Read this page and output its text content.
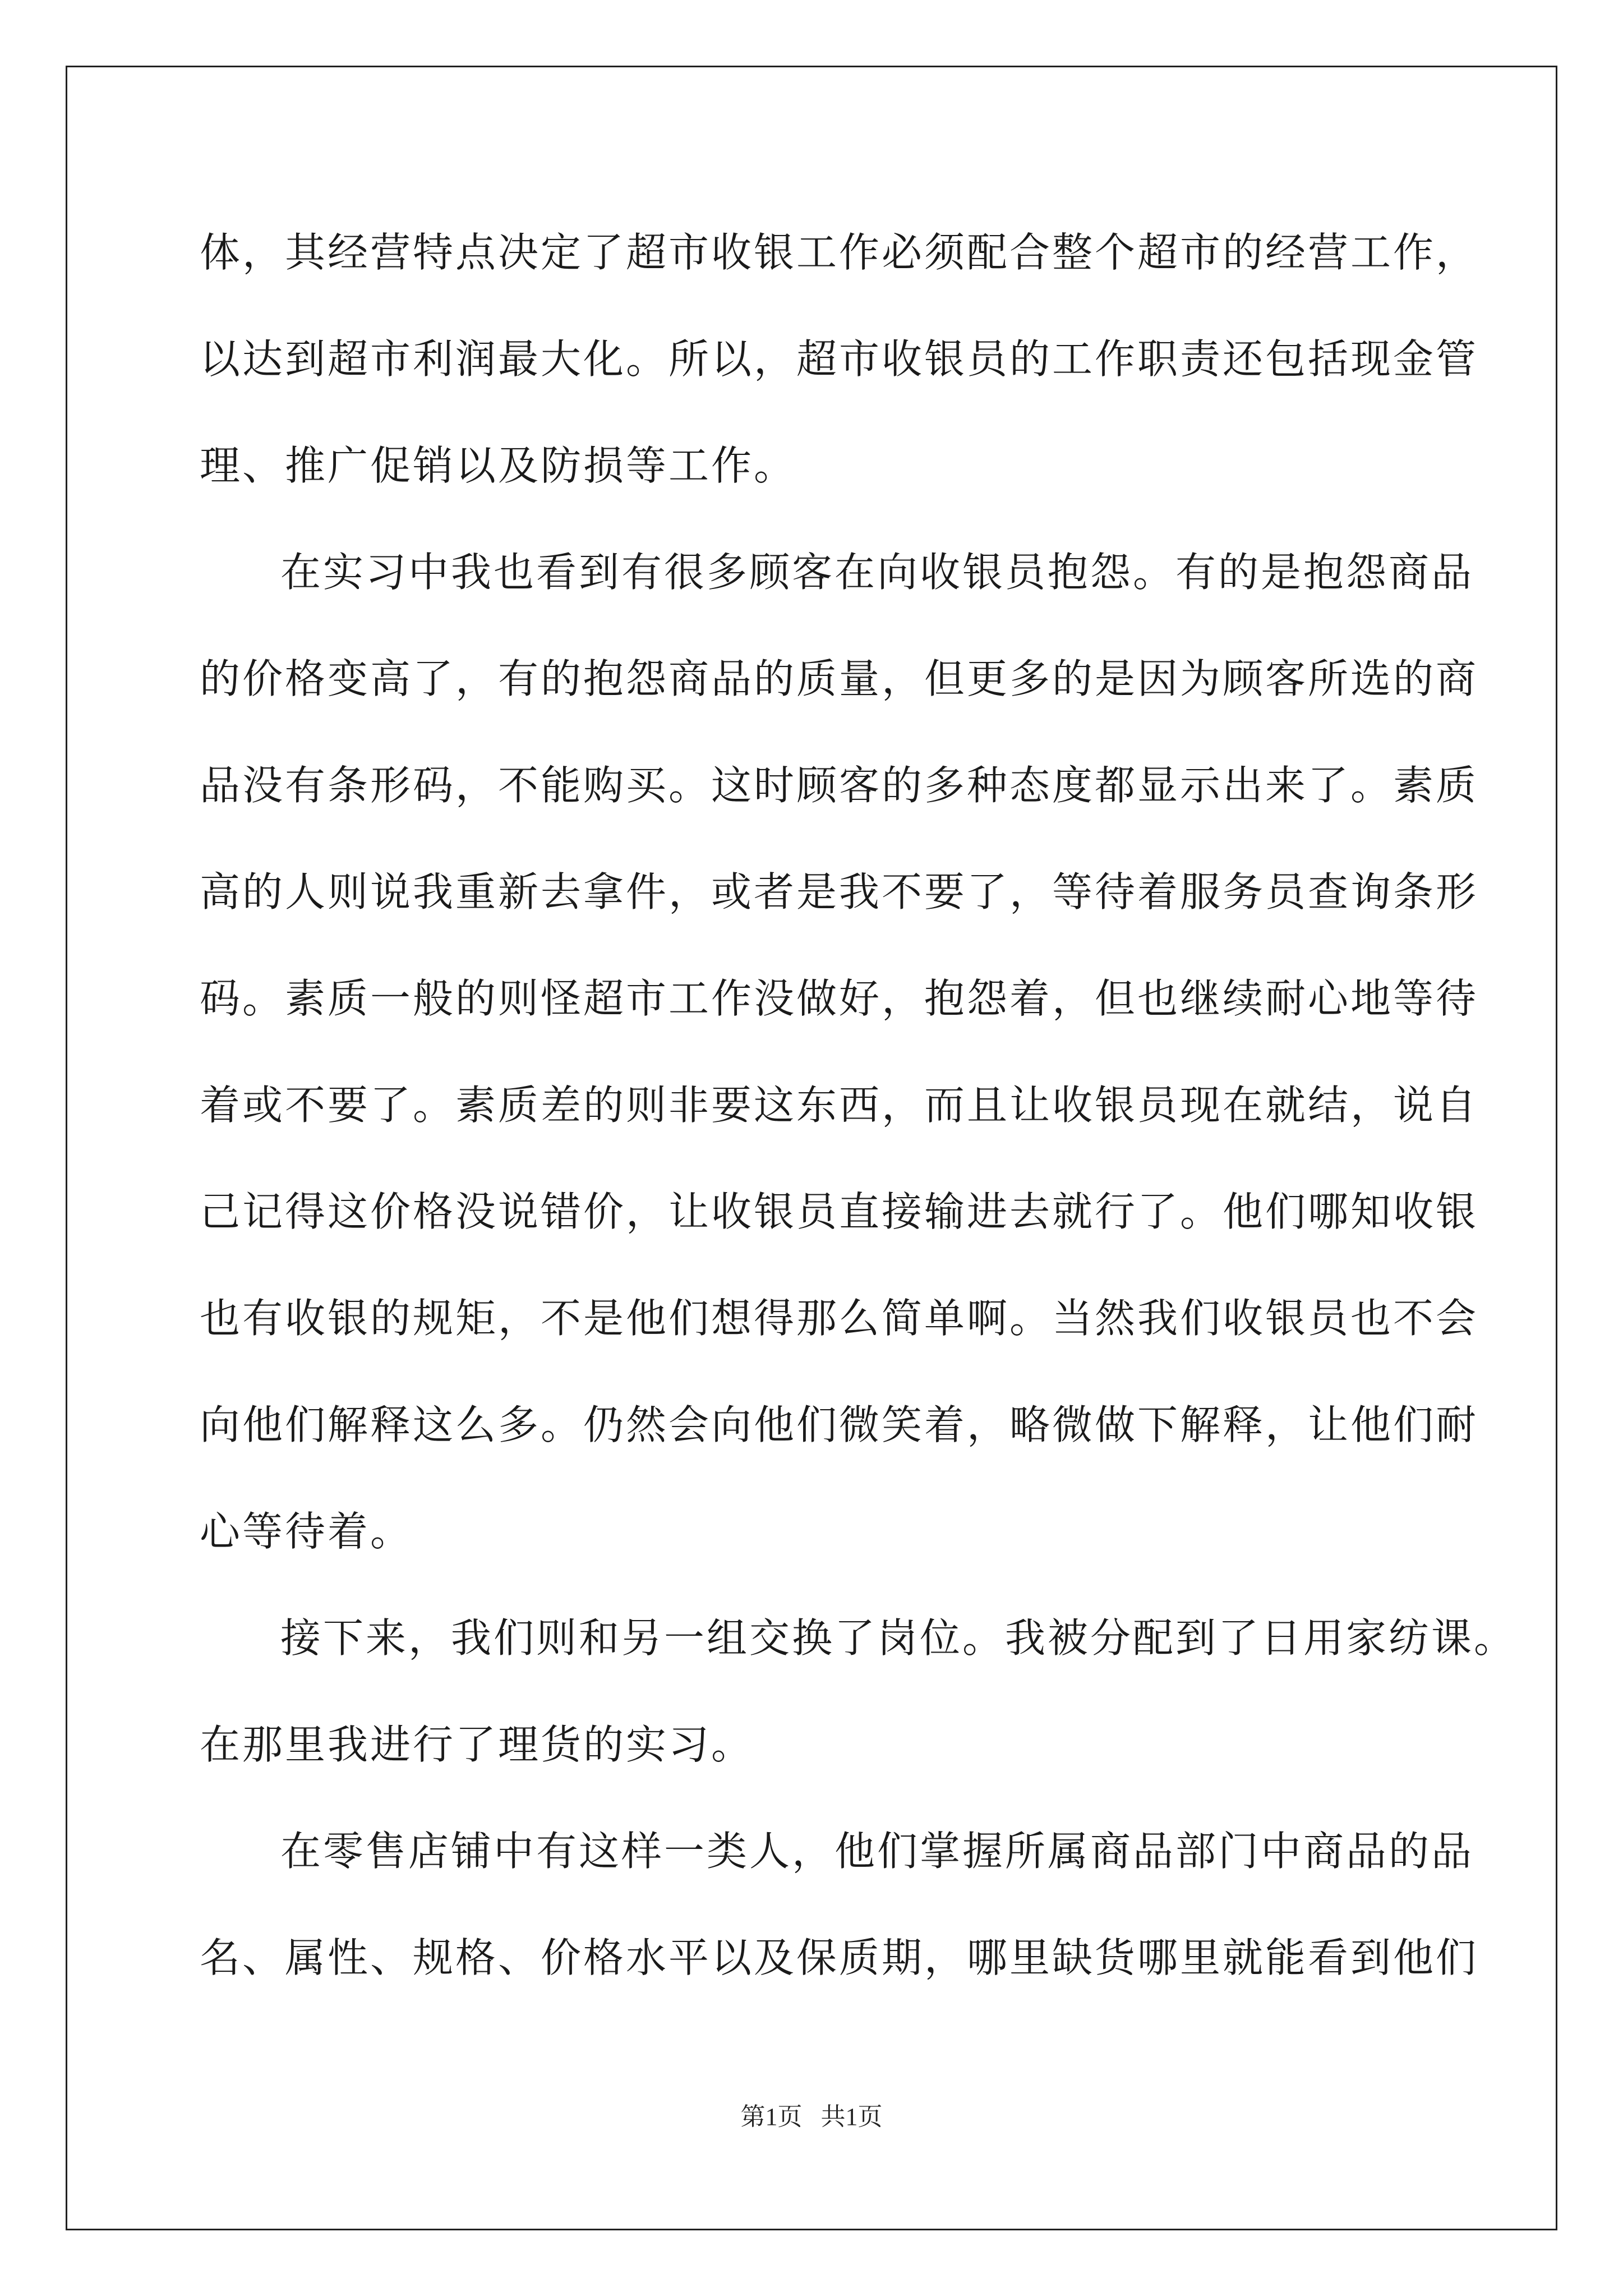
体，其经营特点决定了超市收银工作必须配合整个超市的经营工作，
以达到超市利润最大化。所以，超市收银员的工作职责还包括现金管
理、推广促销以及防损等工作。
在实习中我也看到有很多顾客在向收银员抱怨。有的是抱怨商品
的价格变高了，有的抱怨商品的质量，但更多的是因为顾客所选的商
品没有条形码，不能购买。这时顾客的多种态度都显示出来了。素质
高的人则说我重新去拿件，或者是我不要了，等待着服务员查询条形
码。素质一般的则怪超市工作没做好，抱怨着，但也继续耐心地等待
着或不要了。素质差的则非要这东西，而且让收银员现在就结，说自
己记得这价格没说错价，让收银员直接输进去就行了。他们哪知收银
也有收银的规矩，不是他们想得那么简单啊。当然我们收银员也不会
向他们解释这么多。仍然会向他们微笑着，略微做下解释，让他们耐
心等待着。
接下来，我们则和另一组交换了岗位。我被分配到了日用家纺课。
在那里我进行了理货的实习。
在零售店铺中有这样一类人，他们掌握所属商品部门中商品的品
名、属性、规格、价格水平以及保质期，哪里缺货哪里就能看到他们
第1页   共1页
